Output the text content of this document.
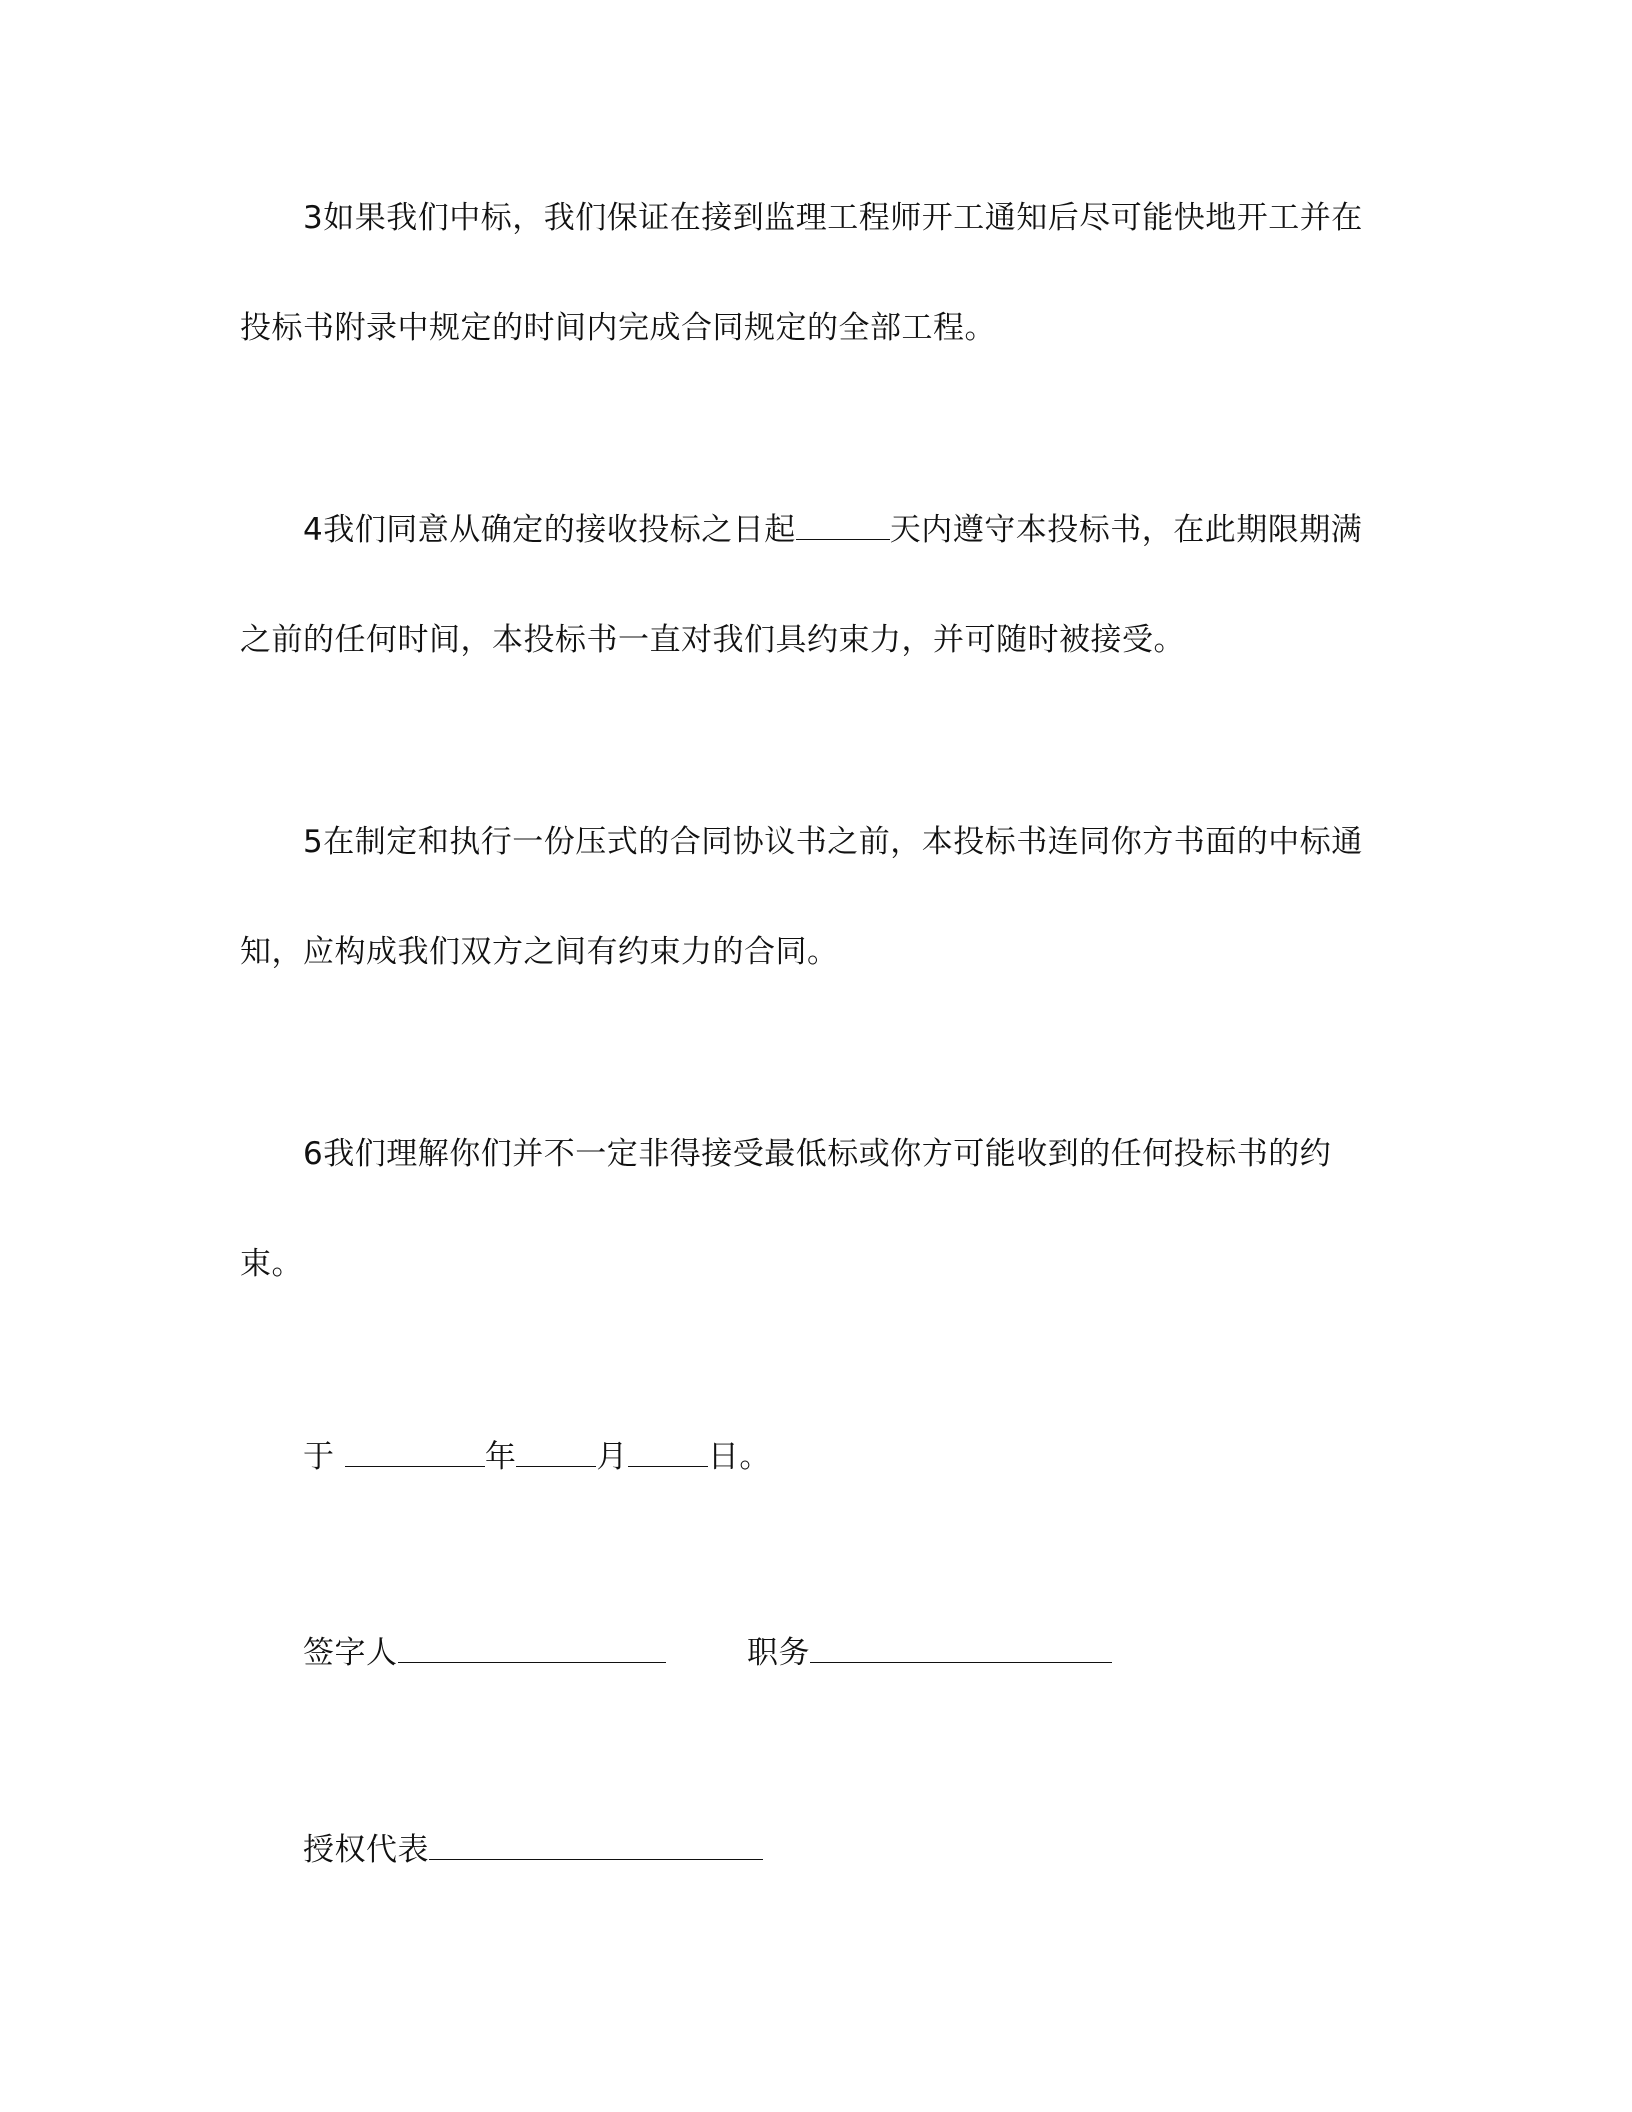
3如果我们中标，我们保证在接到监理工程师开工通知后尽可能快地开工并在
投标书附录中规定的时间内完成合同规定的全部工程。
4我们同意从确定的接收投标之日起	天内遵守本投标书，在此期限期满
之前的任何时间，本投标书一直对我们具约束力，并可随时被接受。
5在制定和执行一份压式的合同协议书之前，本投标书连同你方书面的中标通
知，应构成我们双方之间有约束力的合同。
6我们理解你们并不一定非得接受最低标或你方可能收到的任何投标书的约
束。
于	年	月	日。
签字人	职务
授权代表
